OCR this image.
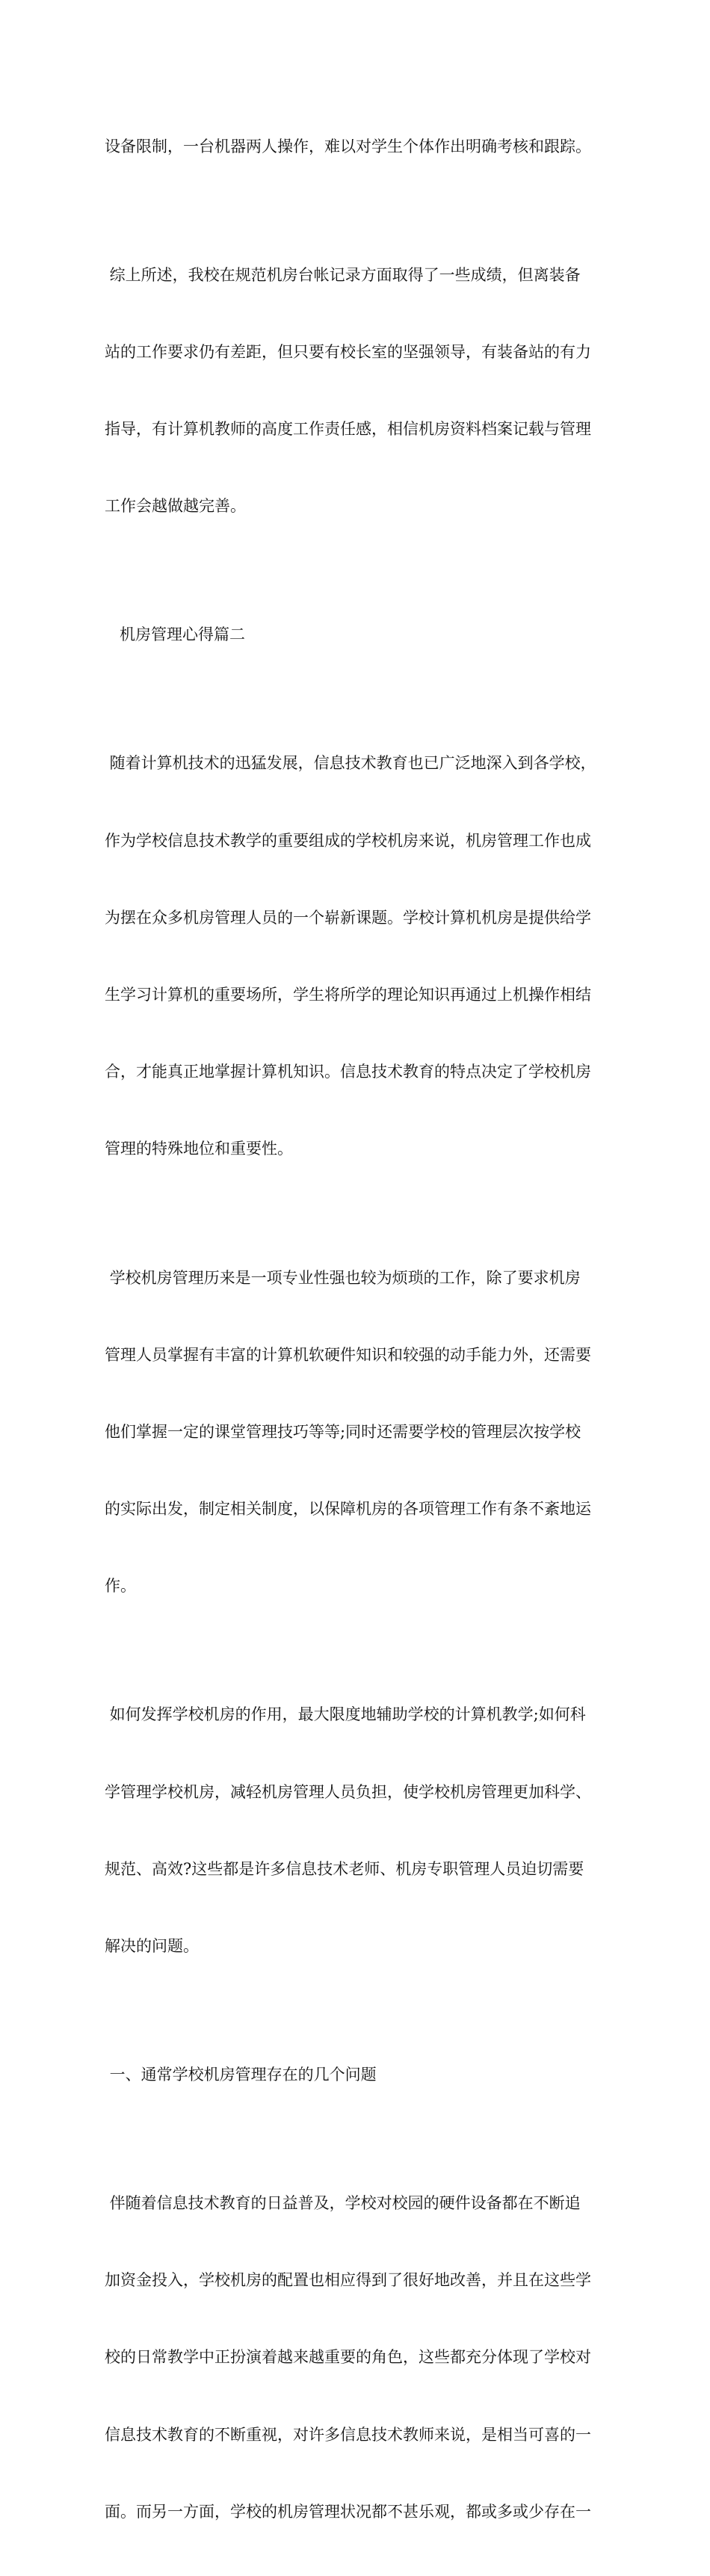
设备限制，一台机器两人操作，难以对学生个体作出明确考核和跟踪。

综上所述，我校在规范机房台帐记录方面取得了一些成绩，但离装备

站的工作要求仍有差距，但只要有校长室的坚强领导，有装备站的有力

指导，有计算机教师的高度工作责任感，相信机房资料档案记载与管理

工作会越做越完善。

机房管理心得篇二

随着计算机技术的迅猛发展，信息技术教育也已广泛地深入到各学校，

作为学校信息技术教学的重要组成的学校机房来说，机房管理工作也成

为摆在众多机房管理人员的一个崭新课题。学校计算机机房是提供给学

生学习计算机的重要场所，学生将所学的理论知识再通过上机操作相结

合，才能真正地掌握计算机知识。信息技术教育的特点决定了学校机房

管理的特殊地位和重要性。

学校机房管理历来是一项专业性强也较为烦琐的工作，除了要求机房

管理人员掌握有丰富的计算机软硬件知识和较强的动手能力外，还需要

他们掌握一定的课堂管理技巧等等;同时还需要学校的管理层次按学校

的实际出发，制定相关制度，以保障机房的各项管理工作有条不紊地运

作。

如何发挥学校机房的作用，最大限度地辅助学校的计算机教学;如何科

学管理学校机房，减轻机房管理人员负担，使学校机房管理更加科学、

规范、高效?这些都是许多信息技术老师、机房专职管理人员迫切需要

解决的问题。

一、通常学校机房管理存在的几个问题

伴随着信息技术教育的日益普及，学校对校园的硬件设备都在不断追

加资金投入，学校机房的配置也相应得到了很好地改善，并且在这些学

校的日常教学中正扮演着越来越重要的角色，这些都充分体现了学校对

信息技术教育的不断重视，对许多信息技术教师来说，是相当可喜的一

面。而另一方面，学校的机房管理状况都不甚乐观，都或多或少存在一
